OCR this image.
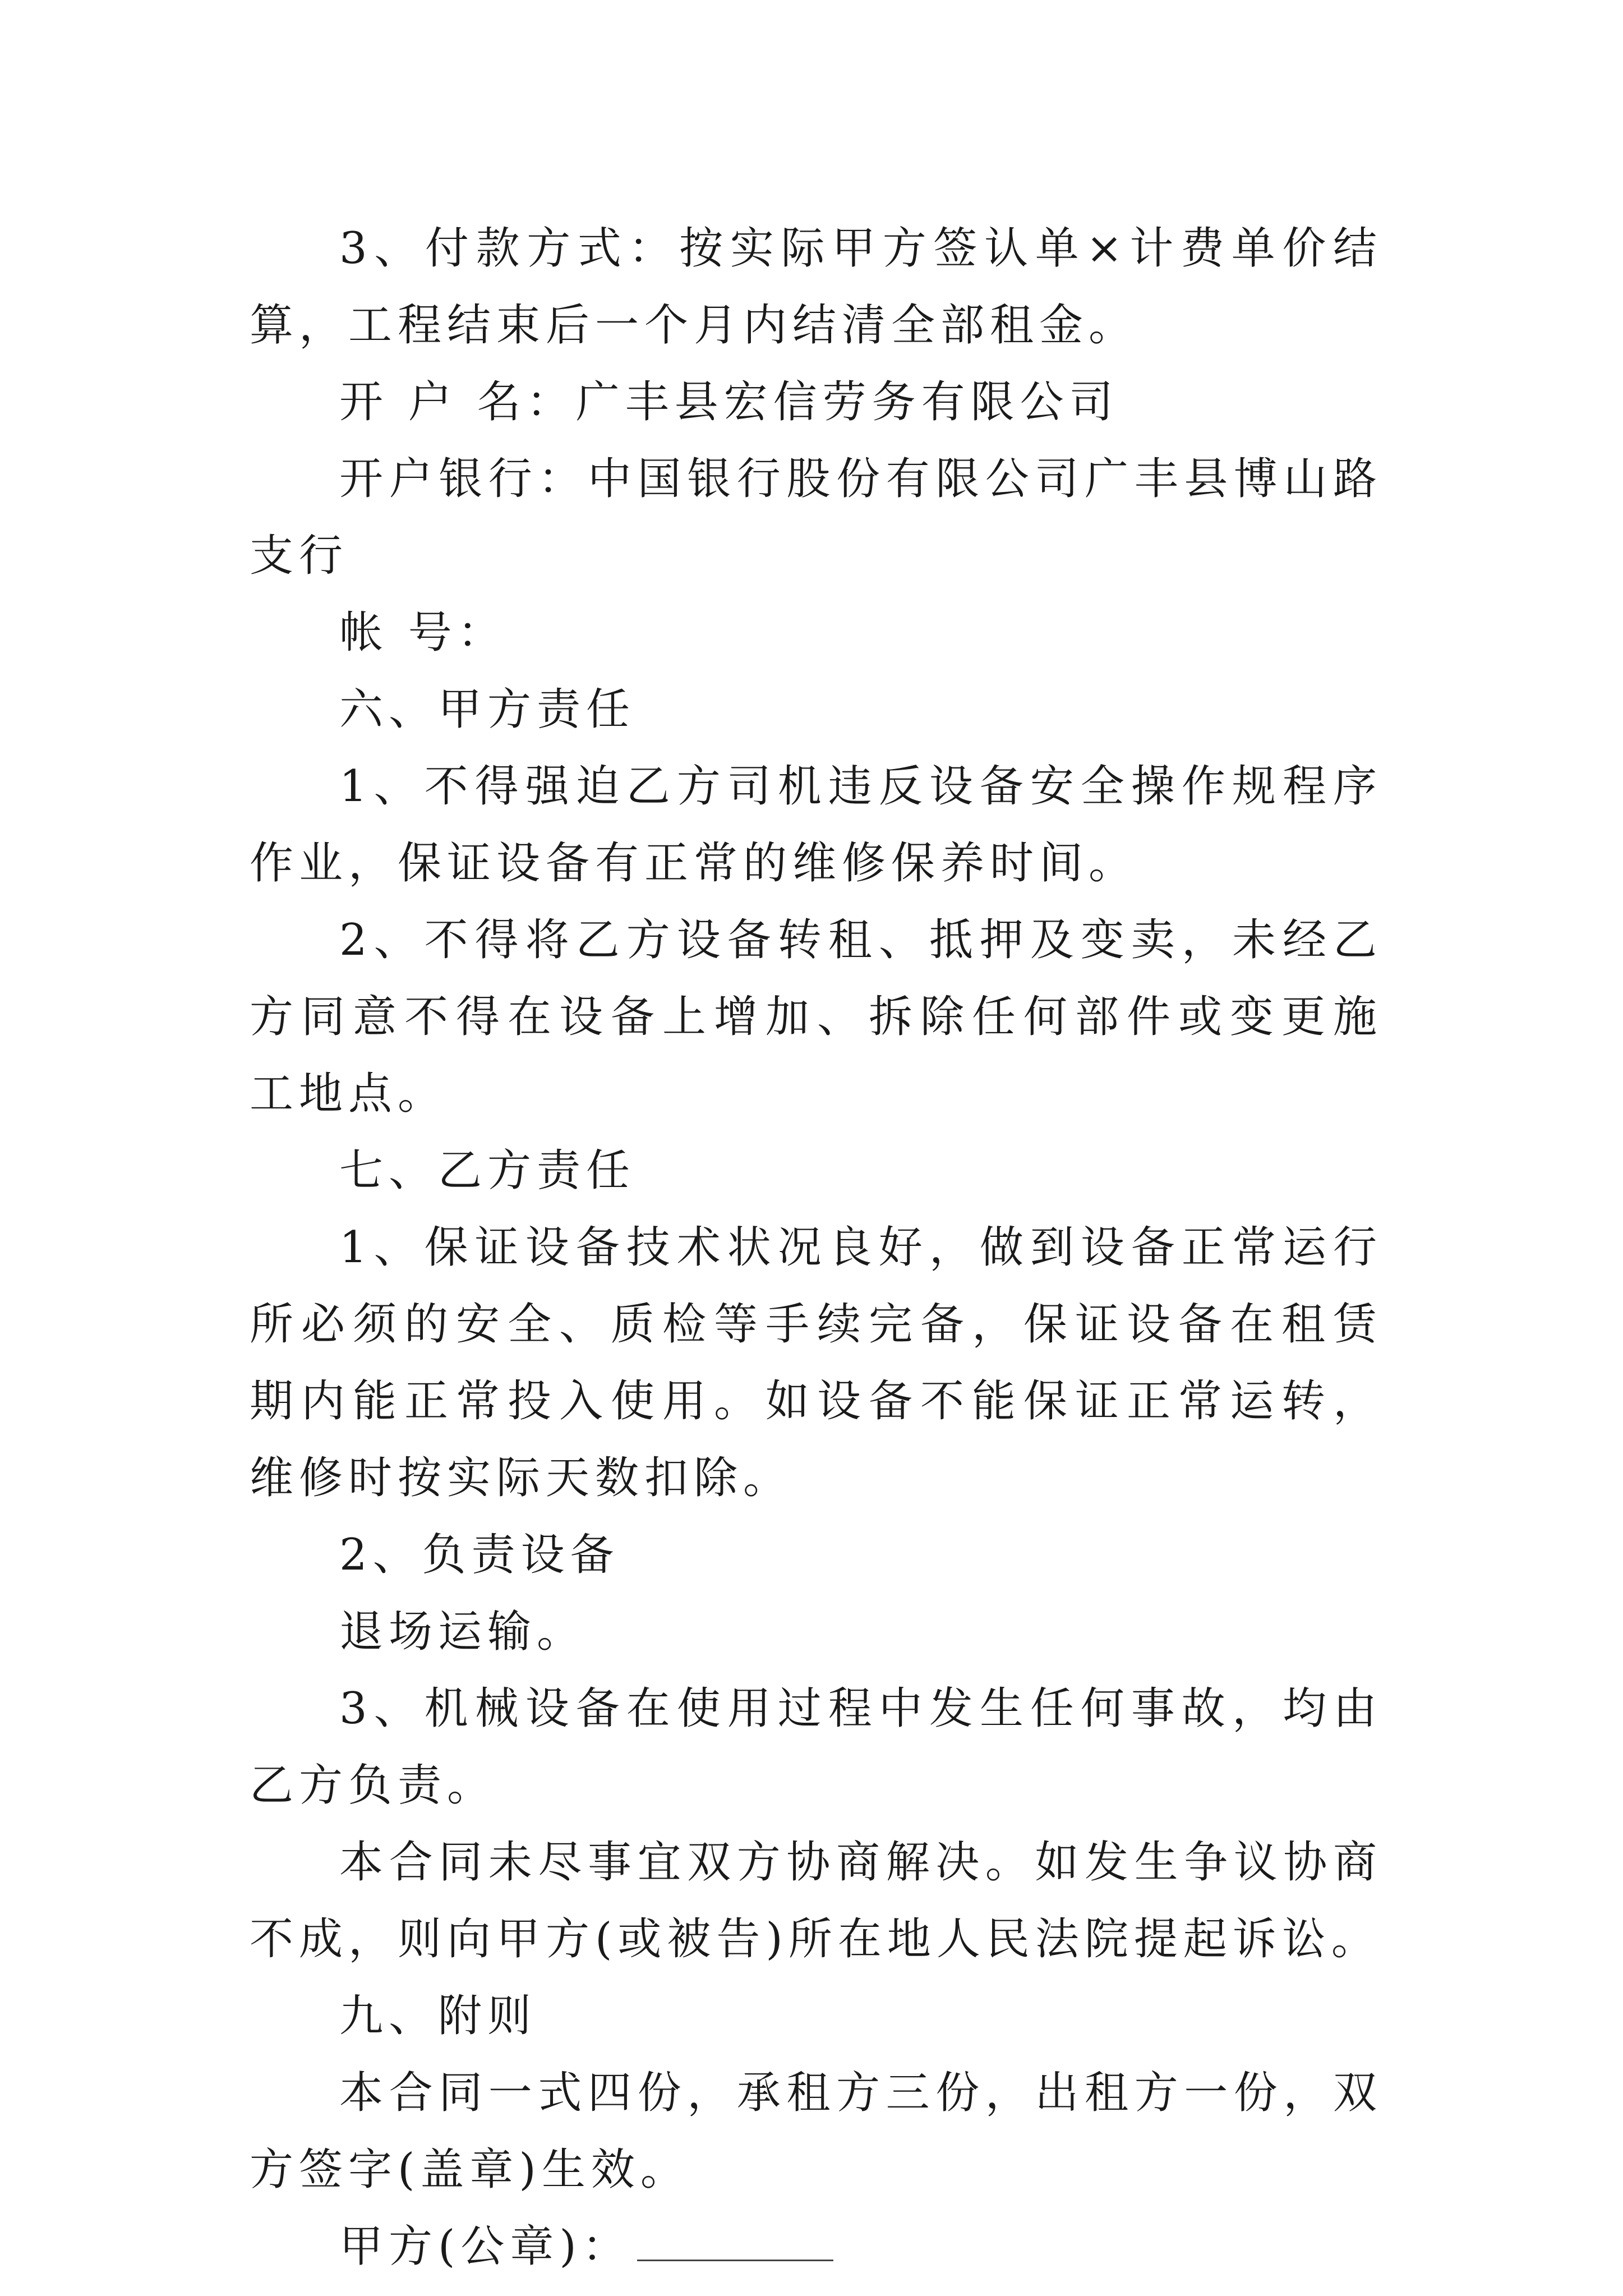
3、付款方式：按实际甲方签认单×计费单价结算，工程结束后一个月内结清全部租金。

开 户 名：广丰县宏信劳务有限公司

开户银行：中国银行股份有限公司广丰县博山路支行

帐 号：

六、甲方责任

1、不得强迫乙方司机违反设备安全操作规程序作业，保证设备有正常的维修保养时间。

2、不得将乙方设备转租、抵押及变卖，未经乙方同意不得在设备上增加、拆除任何部件或变更施工地点。

七、乙方责任

1、保证设备技术状况良好，做到设备正常运行所必须的安全、质检等手续完备，保证设备在租赁期内能正常投入使用。如设备不能保证正常运转，维修时按实际天数扣除。

2、负责设备

退场运输。

3、机械设备在使用过程中发生任何事故，均由乙方负责。

本合同未尽事宜双方协商解决。如发生争议协商不成，则向甲方(或被告)所在地人民法院提起诉讼。

九、附则

本合同一式四份，承租方三份，出租方一份，双方签字(盖章)生效。

甲方(公章)：
